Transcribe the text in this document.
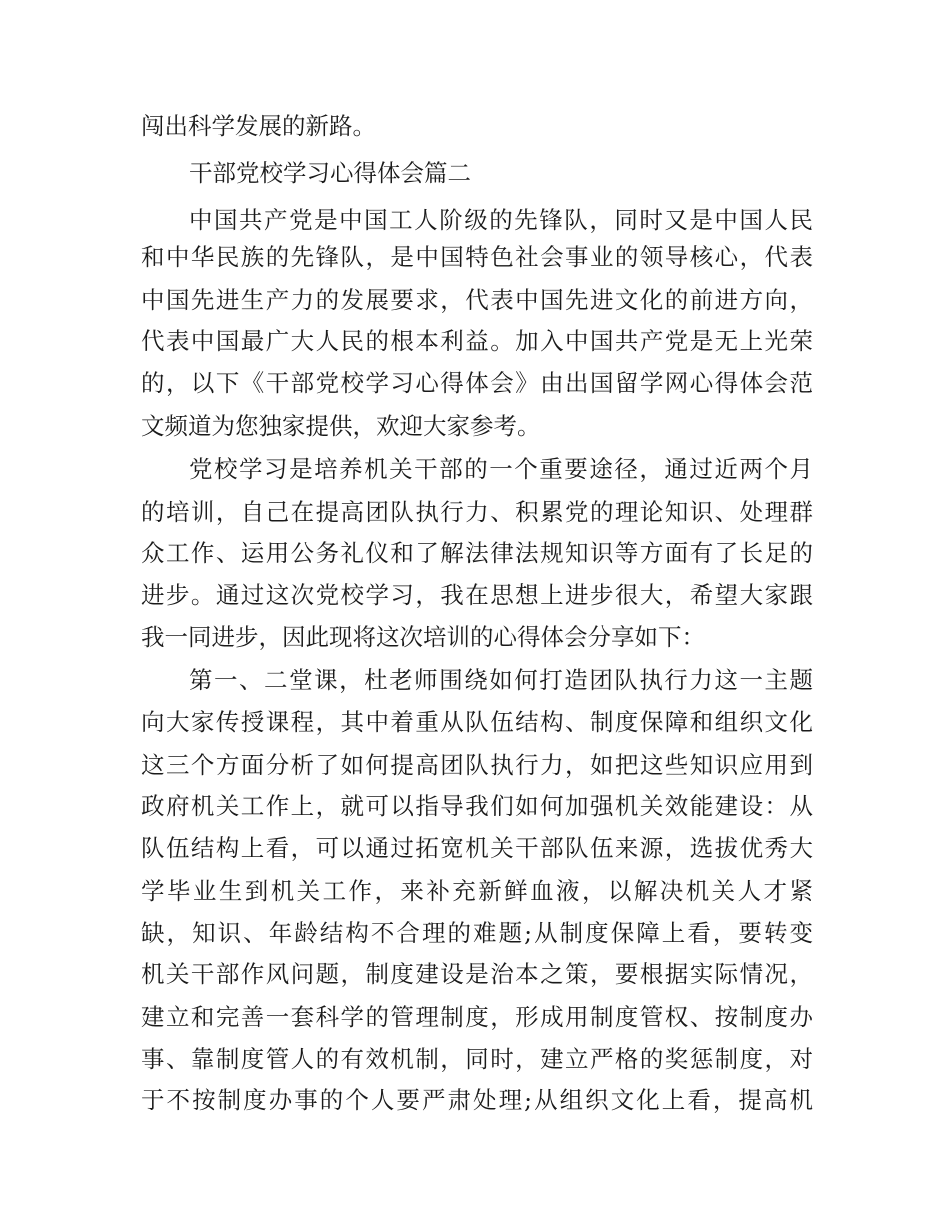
闯出科学发展的新路。
干部党校学习心得体会篇二
中国共产党是中国工人阶级的先锋队，同时又是中国人民
和中华民族的先锋队，是中国特色社会事业的领导核心，代表
中国先进生产力的发展要求，代表中国先进文化的前进方向，
代表中国最广大人民的根本利益。加入中国共产党是无上光荣
的，以下《干部党校学习心得体会》由出国留学网心得体会范
文频道为您独家提供，欢迎大家参考。
党校学习是培养机关干部的一个重要途径，通过近两个月
的培训，自己在提高团队执行力、积累党的理论知识、处理群
众工作、运用公务礼仪和了解法律法规知识等方面有了长足的
进步。通过这次党校学习，我在思想上进步很大，希望大家跟
我一同进步，因此现将这次培训的心得体会分享如下：
第一、二堂课，杜老师围绕如何打造团队执行力这一主题
向大家传授课程，其中着重从队伍结构、制度保障和组织文化
这三个方面分析了如何提高团队执行力，如把这些知识应用到
政府机关工作上，就可以指导我们如何加强机关效能建设：从
队伍结构上看，可以通过拓宽机关干部队伍来源，选拔优秀大
学毕业生到机关工作，来补充新鲜血液，以解决机关人才紧
缺，知识、年龄结构不合理的难题;从制度保障上看，要转变
机关干部作风问题，制度建设是治本之策，要根据实际情况，
建立和完善一套科学的管理制度，形成用制度管权、按制度办
事、靠制度管人的有效机制，同时，建立严格的奖惩制度，对
于不按制度办事的个人要严肃处理;从组织文化上看，提高机
